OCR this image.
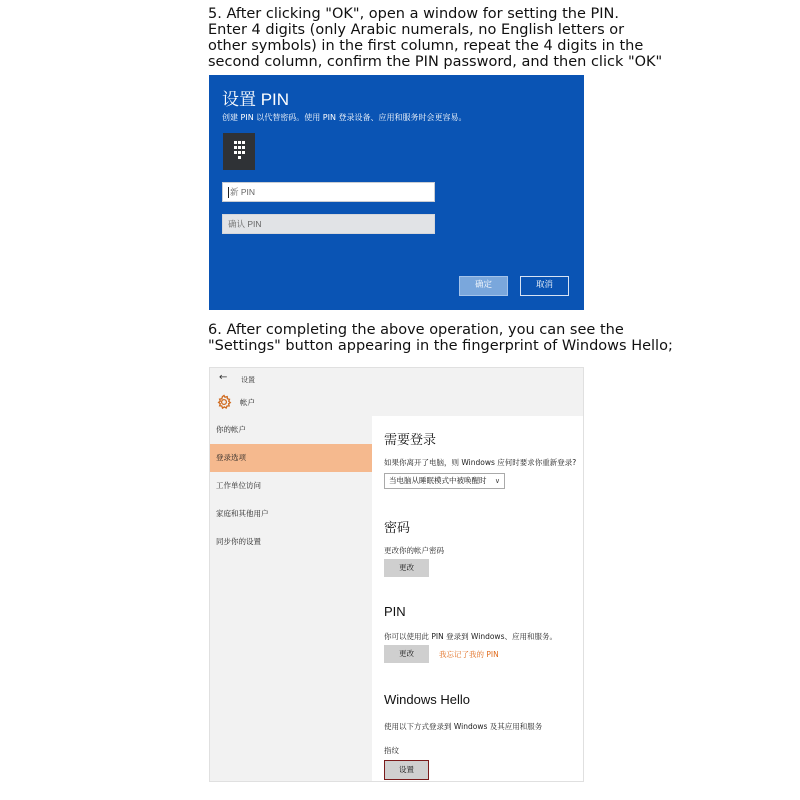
5. After clicking "OK", open a window for setting the PIN.
Enter 4 digits (only Arabic numerals, no English letters or
other symbols) in the first column, repeat the 4 digits in the
second column, confirm the PIN password, and then click "OK"
设置 PIN
创建 PIN 以代替密码。使用 PIN 登录设备、应用和服务时会更容易。
新 PIN
确认 PIN
确定	取消
6. After completing the above operation, you can see the
"Settings" button appearing in the fingerprint of Windows Hello;
← 设置
帐户
你的帐户
登录选项
工作单位访问
家庭和其他用户
同步你的设置
需要登录
如果你离开了电脑，则 Windows 应何时要求你重新登录?
当电脑从睡眠模式中被唤醒时 ∨
密码
更改你的帐户密码
更改
PIN
你可以使用此 PIN 登录到 Windows、应用和服务。
更改	我忘记了我的 PIN
Windows Hello
使用以下方式登录到 Windows 及其应用和服务
指纹
设置
